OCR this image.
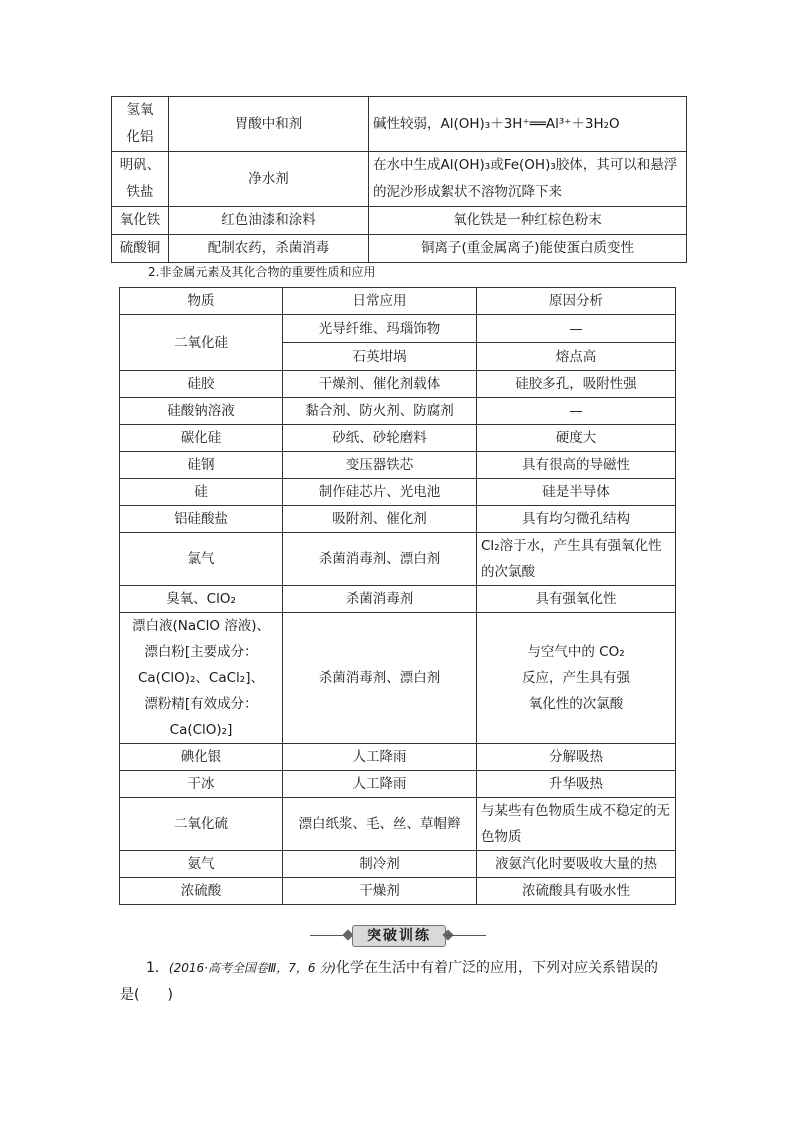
氢氧
化铝	胃酸中和剂	碱性较弱，Al(OH)₃＋3H⁺══Al³⁺＋3H₂O
明矾、
铁盐	净水剂	在水中生成Al(OH)₃或Fe(OH)₃胶体，其可以和悬浮的泥沙形成絮状不溶物沉降下来
氧化铁	红色油漆和涂料	氧化铁是一种红棕色粉末
硫酸铜	配制农药，杀菌消毒	铜离子(重金属离子)能使蛋白质变性
2.非金属元素及其化合物的重要性质和应用
物质	日常应用	原因分析
二氧化硅	光导纤维、玛瑙饰物	—
	石英坩埚	熔点高
硅胶	干燥剂、催化剂载体	硅胶多孔，吸附性强
硅酸钠溶液	黏合剂、防火剂、防腐剂	—
碳化硅	砂纸、砂轮磨料	硬度大
硅钢	变压器铁芯	具有很高的导磁性
硅	制作硅芯片、光电池	硅是半导体
铝硅酸盐	吸附剂、催化剂	具有均匀微孔结构
氯气	杀菌消毒剂、漂白剂	Cl₂溶于水，产生具有强氧化性的次氯酸
臭氧、ClO₂	杀菌消毒剂	具有强氧化性
漂白液(NaClO 溶液)、
漂白粉[主要成分：
Ca(ClO)₂、CaCl₂]、
漂粉精[有效成分：
Ca(ClO)₂]	杀菌消毒剂、漂白剂	与空气中的 CO₂
反应，产生具有强
氧化性的次氯酸
碘化银	人工降雨	分解吸热
干冰	人工降雨	升华吸热
二氧化硫	漂白纸浆、毛、丝、草帽辫	与某些有色物质生成不稳定的无色物质
氨气	制冷剂	液氨汽化时要吸收大量的热
浓硫酸	干燥剂	浓硫酸具有吸水性
突破训练
1．(2016·高考全国卷Ⅲ，7，6 分)化学在生活中有着广泛的应用，下列对应关系错误的
是(　　)
